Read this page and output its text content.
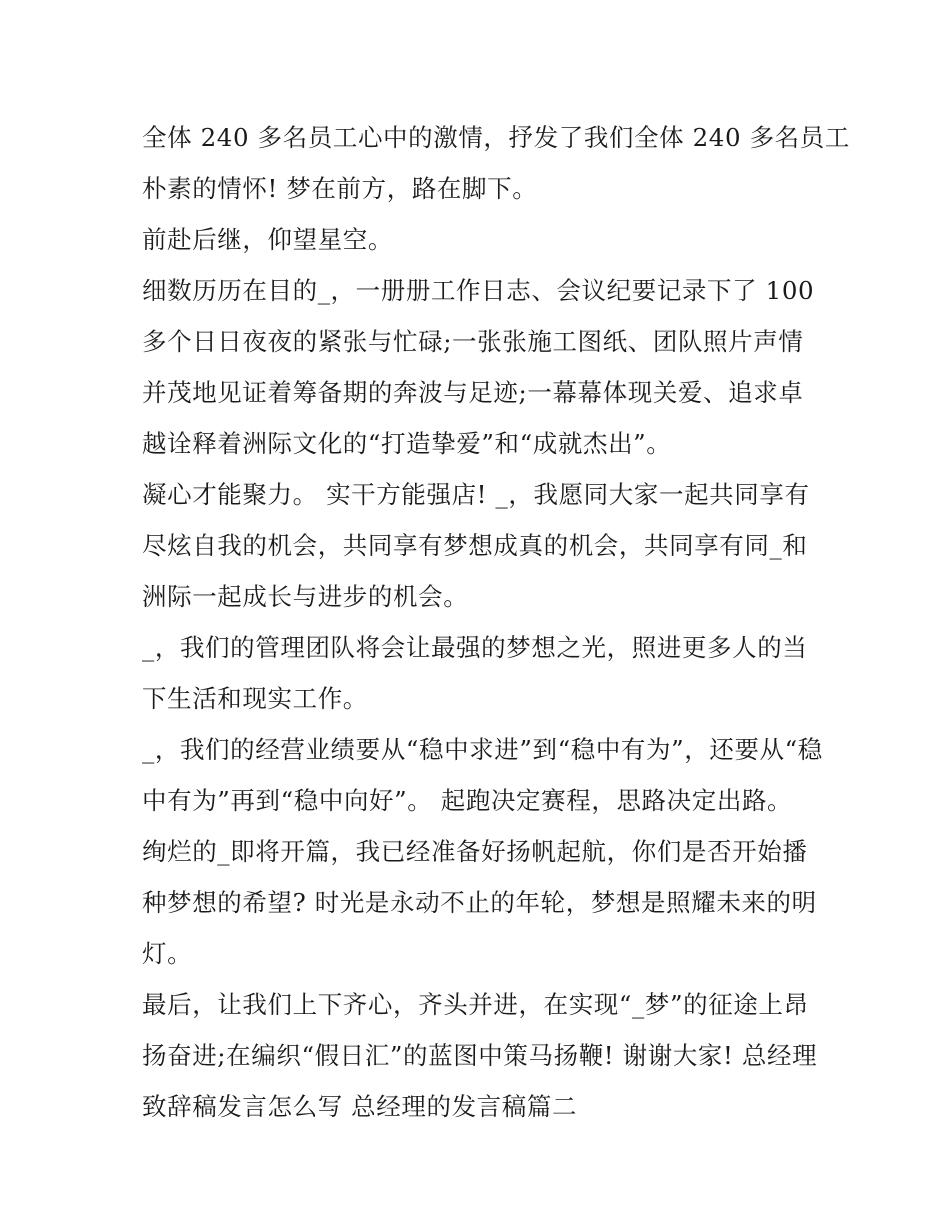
全体 240 多名员工心中的激情，抒发了我们全体 240 多名员工
朴素的情怀! 梦在前方，路在脚下。
前赴后继，仰望星空。
细数历历在目的_，一册册工作日志、会议纪要记录下了 100
多个日日夜夜的紧张与忙碌;一张张施工图纸、团队照片声情
并茂地见证着筹备期的奔波与足迹;一幕幕体现关爱、追求卓
越诠释着洲际文化的“打造挚爱”和“成就杰出”。
凝心才能聚力。 实干方能强店! _，我愿同大家一起共同享有
尽炫自我的机会，共同享有梦想成真的机会，共同享有同_和
洲际一起成长与进步的机会。
_，我们的管理团队将会让最强的梦想之光，照进更多人的当
下生活和现实工作。
_，我们的经营业绩要从“稳中求进”到“稳中有为”，还要从“稳
中有为”再到“稳中向好”。 起跑决定赛程，思路决定出路。
绚烂的_即将开篇，我已经准备好扬帆起航，你们是否开始播
种梦想的希望? 时光是永动不止的年轮，梦想是照耀未来的明
灯。
最后，让我们上下齐心，齐头并进，在实现“_梦”的征途上昂
扬奋进;在编织“假日汇”的蓝图中策马扬鞭! 谢谢大家! 总经理
致辞稿发言怎么写 总经理的发言稿篇二
